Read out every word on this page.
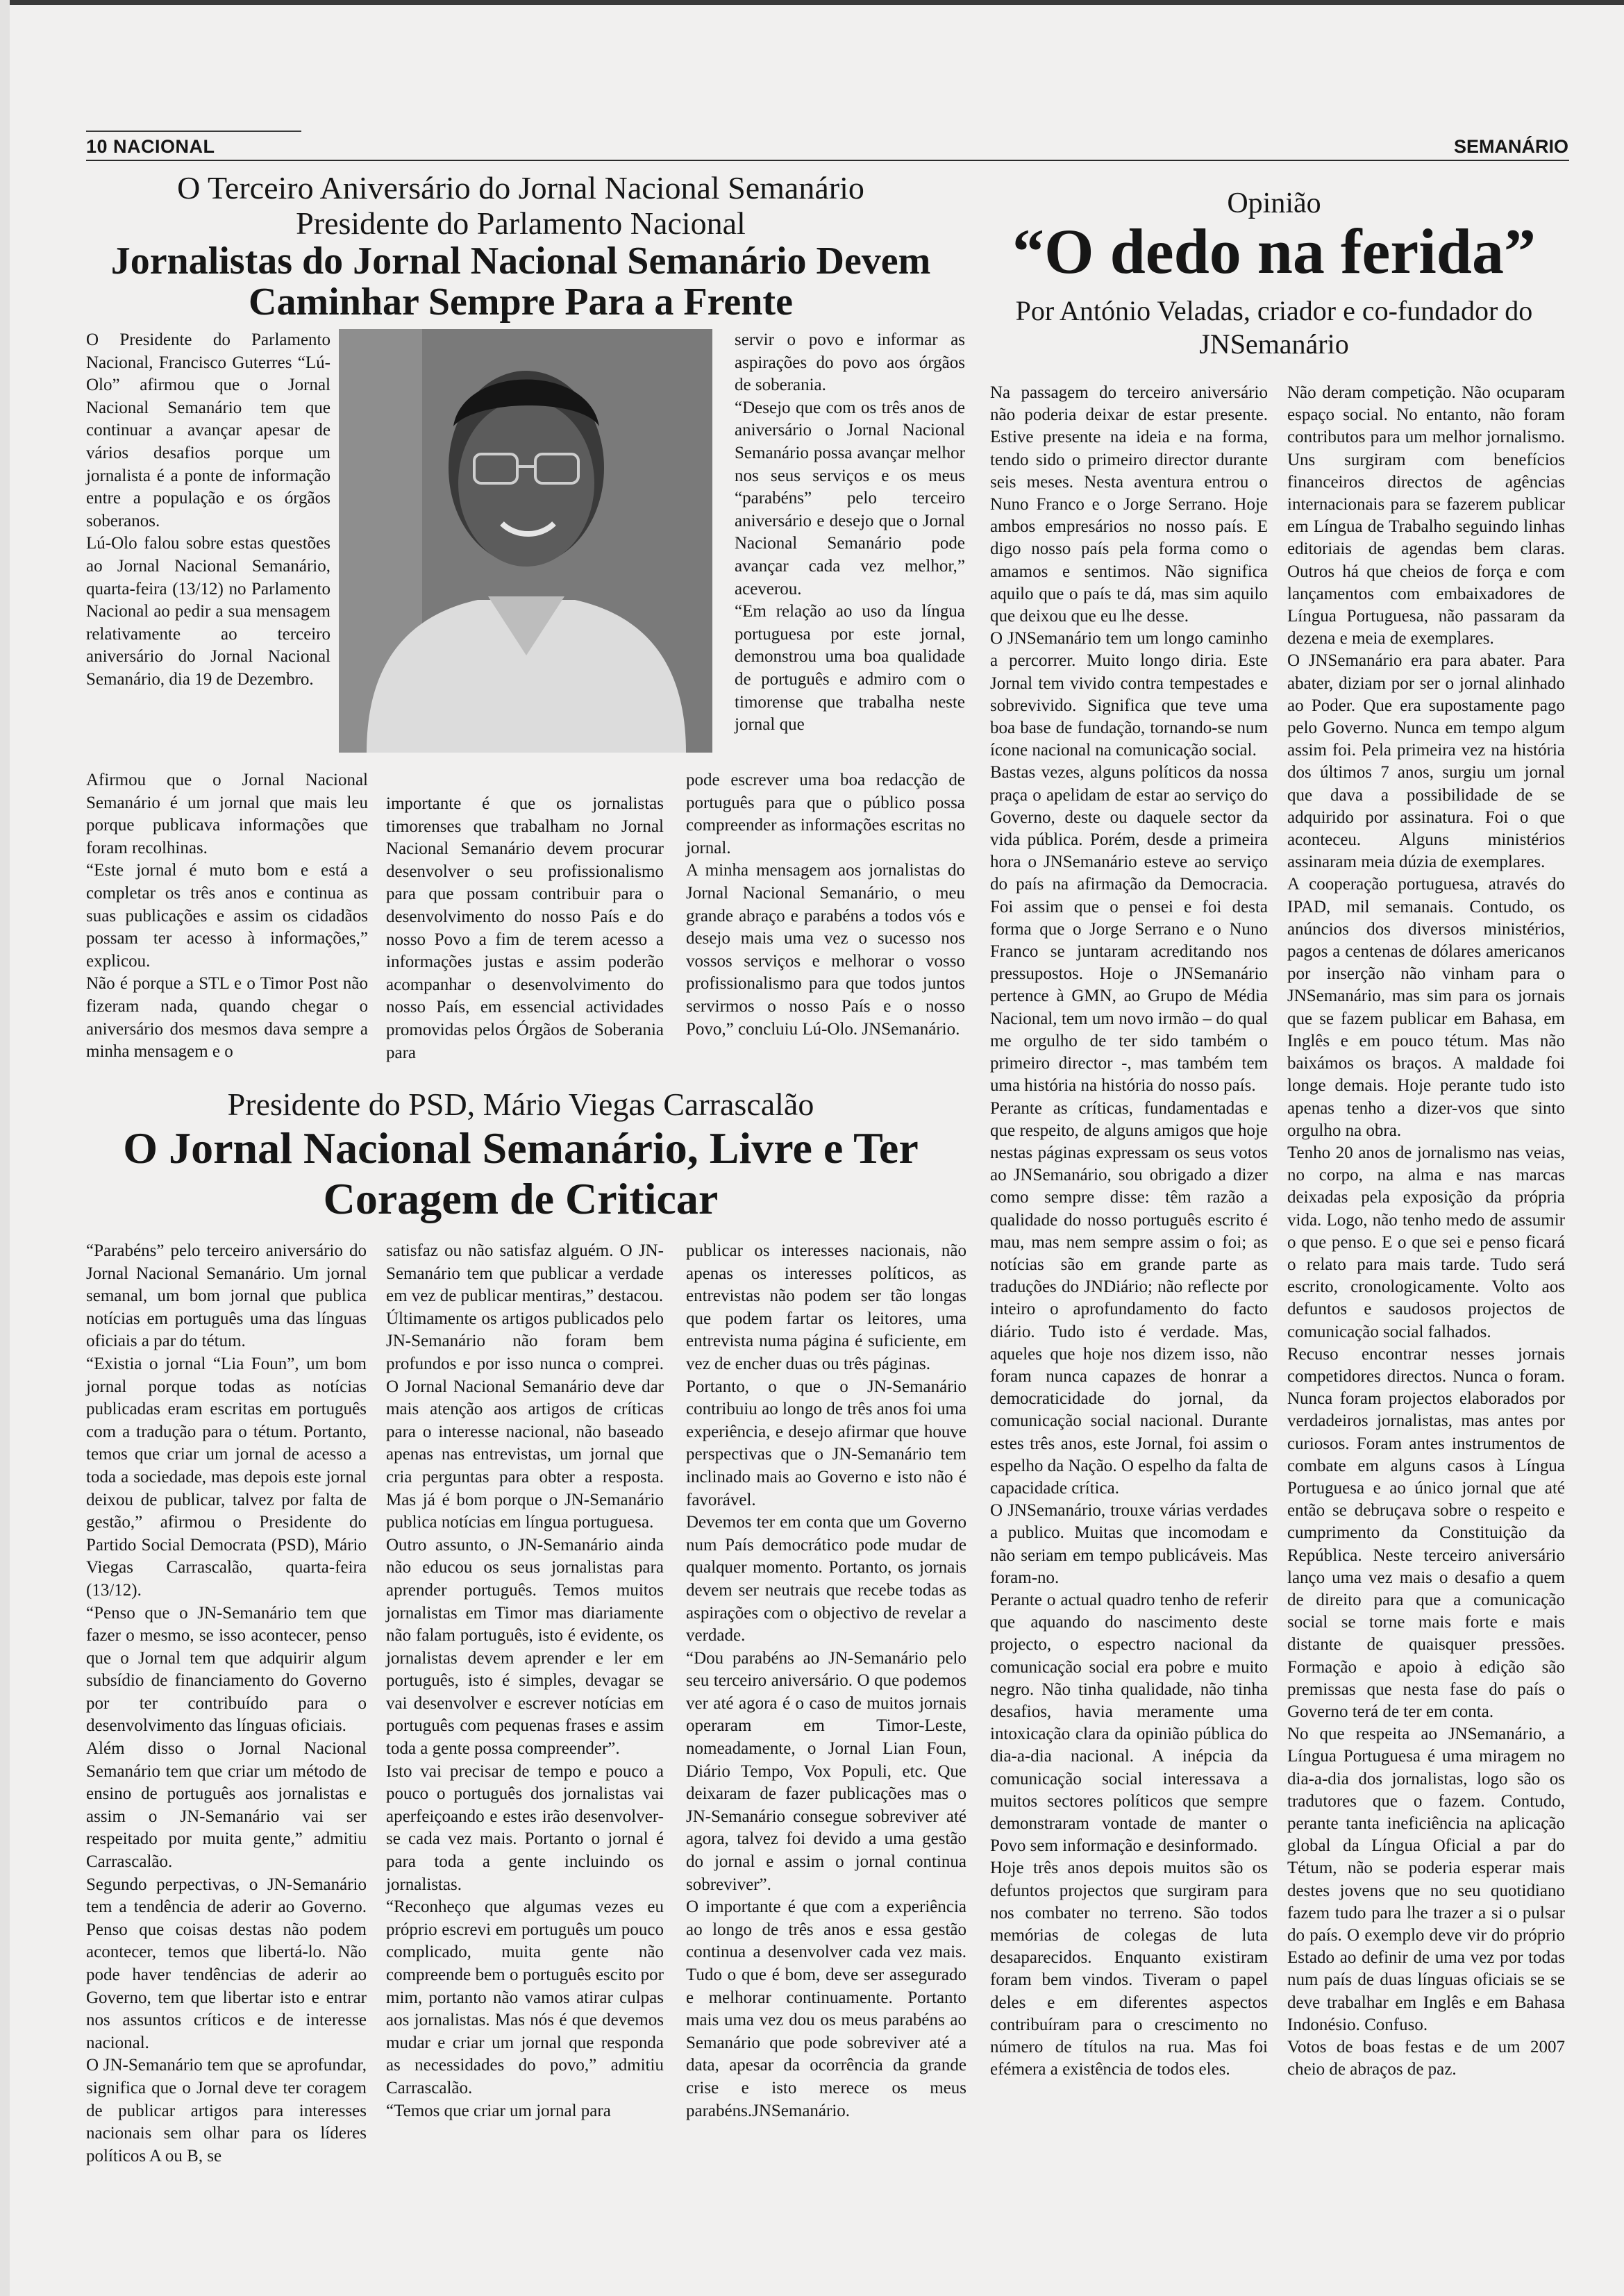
10 NACIONAL	SEMANÁRIO
O Terceiro Aniversário do Jornal Nacional Semanário
Presidente do Parlamento Nacional
Jornalistas do Jornal Nacional Semanário Devem
Caminhar Sempre Para a Frente

O Presidente do Parlamento Nacional, Francisco Guterres “Lú-Olo” afirmou que o Jornal Nacional Semanário tem que continuar a avançar apesar de vários desafios porque um jornalista é a ponte de informação entre a população e os órgãos soberanos.

Lú-Olo falou sobre estas questões ao Jornal Nacional Semanário, quarta-feira (13/12) no Parlamento Nacional ao pedir a sua mensagem relativamente ao terceiro aniversário do Jornal Nacional Semanário, dia 19 de Dezembro.

Afirmou que o Jornal Nacional Semanário é um jornal que mais leu porque publicava informações que foram recolhinas.

“Este jornal é muto bom e está a completar os três anos e continua as suas publicações e assim os cidadãos possam ter acesso à informações,” explicou.

Não é porque a STL e o Timor Post não fizeram nada, quando chegar o aniversário dos mesmos dava sempre a minha mensagem e o

importante é que os jornalistas timorenses que trabalham no Jornal Nacional Semanário devem procurar desenvolver o seu profissionalismo para que possam contribuir para o desenvolvimento do nosso País e do nosso Povo a fim de terem acesso a informações justas e assim poderão acompanhar o desenvolvimento do nosso País, em essencial actividades promovidas pelos Órgãos de Soberania para

servir o povo e informar as aspirações do povo aos órgãos de soberania.

“Desejo que com os três anos de aniversário o Jornal Nacional Semanário possa avançar melhor nos seus serviços e os meus “parabéns” pelo terceiro aniversário e desejo que o Jornal Nacional Semanário pode avançar cada vez melhor,” aceverou.

“Em relação ao uso da língua portuguesa por este jornal, demonstrou uma boa qualidade de português e admiro com o timorense que trabalha neste jornal que

pode escrever uma boa redacção de português para que o público possa compreender as informações escritas no jornal.

A minha mensagem aos jornalistas do Jornal Nacional Semanário, o meu grande abraço e parabéns a todos vós e desejo mais uma vez o sucesso nos vossos serviços e melhorar o vosso profissionalismo para que todos juntos servirmos o nosso País e o nosso Povo,” concluiu Lú-Olo. JNSemanário.

Presidente do PSD, Mário Viegas Carrascalão
O Jornal Nacional Semanário, Livre e Ter
Coragem de Criticar

“Parabéns” pelo terceiro aniversário do Jornal Nacional Semanário. Um jornal semanal, um bom jornal que publica notícias em português uma das línguas oficiais a par do tétum.

“Existia o jornal “Lia Foun”, um bom jornal porque todas as notícias publicadas eram escritas em português com a tradução para o tétum. Portanto, temos que criar um jornal de acesso a toda a sociedade, mas depois este jornal deixou de publicar, talvez por falta de gestão,” afirmou o Presidente do Partido Social Democrata (PSD), Mário Viegas Carrascalão, quarta-feira (13/12).

“Penso que o JN-Semanário tem que fazer o mesmo, se isso acontecer, penso que o Jornal tem que adquirir algum subsídio de financiamento do Governo por ter contribuído para o desenvolvimento das línguas oficiais.

Além disso o Jornal Nacional Semanário tem que criar um método de ensino de português aos jornalistas e assim o JN-Semanário vai ser respeitado por muita gente,” admitiu Carrascalão.

Segundo perpectivas, o JN-Semanário tem a tendência de aderir ao Governo. Penso que coisas destas não podem acontecer, temos que libertá-lo. Não pode haver tendências de aderir ao Governo, tem que libertar isto e entrar nos assuntos críticos e de interesse nacional.

O JN-Semanário tem que se aprofundar, significa que o Jornal deve ter coragem de publicar artigos para interesses nacionais sem olhar para os líderes políticos A ou B, se

satisfaz ou não satisfaz alguém. O JN-Semanário tem que publicar a verdade em vez de publicar mentiras,” destacou.

Últimamente os artigos publicados pelo JN-Semanário não foram bem profundos e por isso nunca o comprei. O Jornal Nacional Semanário deve dar mais atenção aos artigos de críticas para o interesse nacional, não baseado apenas nas entrevistas, um jornal que cria perguntas para obter a resposta. Mas já é bom porque o JN-Semanário publica notícias em língua portuguesa.

Outro assunto, o JN-Semanário ainda não educou os seus jornalistas para aprender português. Temos muitos jornalistas em Timor mas diariamente não falam português, isto é evidente, os jornalistas devem aprender e ler em português, isto é simples, devagar se vai desenvolver e escrever notícias em português com pequenas frases e assim toda a gente possa compreender”.

Isto vai precisar de tempo e pouco a pouco o português dos jornalistas vai aperfeiçoando e estes irão desenvolver-se cada vez mais. Portanto o jornal é para toda a gente incluindo os jornalistas.

“Reconheço que algumas vezes eu próprio escrevi em português um pouco complicado, muita gente não compreende bem o português escito por mim, portanto não vamos atirar culpas aos jornalistas. Mas nós é que devemos mudar e criar um jornal que responda as necessidades do povo,” admitiu Carrascalão.

“Temos que criar um jornal para

publicar os interesses nacionais, não apenas os interesses políticos, as entrevistas não podem ser tão longas que podem fartar os leitores, uma entrevista numa página é suficiente, em vez de encher duas ou três páginas.

Portanto, o que o JN-Semanário contribuiu ao longo de três anos foi uma experiência, e desejo afirmar que houve perspectivas que o JN-Semanário tem inclinado mais ao Governo e isto não é favorável.

Devemos ter em conta que um Governo num País democrático pode mudar de qualquer momento. Portanto, os jornais devem ser neutrais que recebe todas as aspirações com o objectivo de revelar a verdade.

“Dou parabéns ao JN-Semanário pelo seu terceiro aniversário. O que podemos ver até agora é o caso de muitos jornais operaram em Timor-Leste, nomeadamente, o Jornal Lian Foun, Diário Tempo, Vox Populi, etc. Que deixaram de fazer publicações mas o JN-Semanário consegue sobreviver até agora, talvez foi devido a uma gestão do jornal e assim o jornal continua sobreviver”.

O importante é que com a experiência ao longo de três anos e essa gestão continua a desenvolver cada vez mais. Tudo o que é bom, deve ser assegurado e melhorar continuamente. Portanto mais uma vez dou os meus parabéns ao Semanário que pode sobreviver até a data, apesar da ocorrência da grande crise e isto merece os meus parabéns.JNSemanário.

Opinião
“O dedo na ferida”
Por António Veladas, criador e co-fundador do
JNSemanário

Na passagem do terceiro aniversário não poderia deixar de estar presente. Estive presente na ideia e na forma, tendo sido o primeiro director durante seis meses. Nesta aventura entrou o Nuno Franco e o Jorge Serrano. Hoje ambos empresários no nosso país. E digo nosso país pela forma como o amamos e sentimos. Não significa aquilo que o país te dá, mas sim aquilo que deixou que eu lhe desse.

O JNSemanário tem um longo caminho a percorrer. Muito longo diria. Este Jornal tem vivido contra tempestades e sobrevivido. Significa que teve uma boa base de fundação, tornando-se num ícone nacional na comunicação social.

Bastas vezes, alguns políticos da nossa praça o apelidam de estar ao serviço do Governo, deste ou daquele sector da vida pública. Porém, desde a primeira hora o JNSemanário esteve ao serviço do país na afirmação da Democracia. Foi assim que o pensei e foi desta forma que o Jorge Serrano e o Nuno Franco se juntaram acreditando nos pressupostos. Hoje o JNSemanário pertence à GMN, ao Grupo de Média Nacional, tem um novo irmão – do qual me orgulho de ter sido também o primeiro director -, mas também tem uma história na história do nosso país.

Perante as críticas, fundamentadas e que respeito, de alguns amigos que hoje nestas páginas expressam os seus votos ao JNSemanário, sou obrigado a dizer como sempre disse: têm razão a qualidade do nosso português escrito é mau, mas nem sempre assim o foi; as notícias são em grande parte as traduções do JNDiário; não reflecte por inteiro o aprofundamento do facto diário. Tudo isto é verdade. Mas, aqueles que hoje nos dizem isso, não foram nunca capazes de honrar a democraticidade do jornal, da comunicação social nacional. Durante estes três anos, este Jornal, foi assim o espelho da Nação. O espelho da falta de capacidade crítica.

O JNSemanário, trouxe várias verdades a publico. Muitas que incomodam e não seriam em tempo publicáveis. Mas foram-no.

Perante o actual quadro tenho de referir que aquando do nascimento deste projecto, o espectro nacional da comunicação social era pobre e muito negro. Não tinha qualidade, não tinha desafios, havia meramente uma intoxicação clara da opinião pública do dia-a-dia nacional. A inépcia da comunicação social interessava a muitos sectores políticos que sempre demonstraram vontade de manter o Povo sem informação e desinformado.

Hoje três anos depois muitos são os defuntos projectos que surgiram para nos combater no terreno. São todos memórias de colegas de luta desaparecidos. Enquanto existiram foram bem vindos. Tiveram o papel deles e em diferentes aspectos contribuíram para o crescimento no número de títulos na rua. Mas foi efémera a existência de todos eles.

Não deram competição. Não ocuparam espaço social. No entanto, não foram contributos para um melhor jornalismo. Uns surgiram com benefícios financeiros directos de agências internacionais para se fazerem publicar em Língua de Trabalho seguindo linhas editoriais de agendas bem claras. Outros há que cheios de força e com lançamentos com embaixadores de Língua Portuguesa, não passaram da dezena e meia de exemplares.

O JNSemanário era para abater. Para abater, diziam por ser o jornal alinhado ao Poder. Que era supostamente pago pelo Governo. Nunca em tempo algum assim foi. Pela primeira vez na história dos últimos 7 anos, surgiu um jornal que dava a possibilidade de se adquirido por assinatura. Foi o que aconteceu. Alguns ministérios assinaram meia dúzia de exemplares.

A cooperação portuguesa, através do IPAD, mil semanais. Contudo, os anúncios dos diversos ministérios, pagos a centenas de dólares americanos por inserção não vinham para o JNSemanário, mas sim para os jornais que se fazem publicar em Bahasa, em Inglês e em pouco tétum. Mas não baixámos os braços. A maldade foi longe demais. Hoje perante tudo isto apenas tenho a dizer-vos que sinto orgulho na obra.

Tenho 20 anos de jornalismo nas veias, no corpo, na alma e nas marcas deixadas pela exposição da própria vida. Logo, não tenho medo de assumir o que penso. E o que sei e penso ficará o relato para mais tarde. Tudo será escrito, cronologicamente. Volto aos defuntos e saudosos projectos de comunicação social falhados.

Recuso encontrar nesses jornais competidores directos. Nunca o foram. Nunca foram projectos elaborados por verdadeiros jornalistas, mas antes por curiosos. Foram antes instrumentos de combate em alguns casos à Língua Portuguesa e ao único jornal que até então se debruçava sobre o respeito e cumprimento da Constituição da República. Neste terceiro aniversário lanço uma vez mais o desafio a quem de direito para que a comunicação social se torne mais forte e mais distante de quaisquer pressões. Formação e apoio à edição são premissas que nesta fase do país o Governo terá de ter em conta.

No que respeita ao JNSemanário, a Língua Portuguesa é uma miragem no dia-a-dia dos jornalistas, logo são os tradutores que o fazem. Contudo, perante tanta ineficiência na aplicação global da Língua Oficial a par do Tétum, não se poderia esperar mais destes jovens que no seu quotidiano fazem tudo para lhe trazer a si o pulsar do país. O exemplo deve vir do próprio Estado ao definir de uma vez por todas num país de duas línguas oficiais se se deve trabalhar em Inglês e em Bahasa Indonésio. Confuso.

Votos de boas festas e de um 2007 cheio de abraços de paz.
